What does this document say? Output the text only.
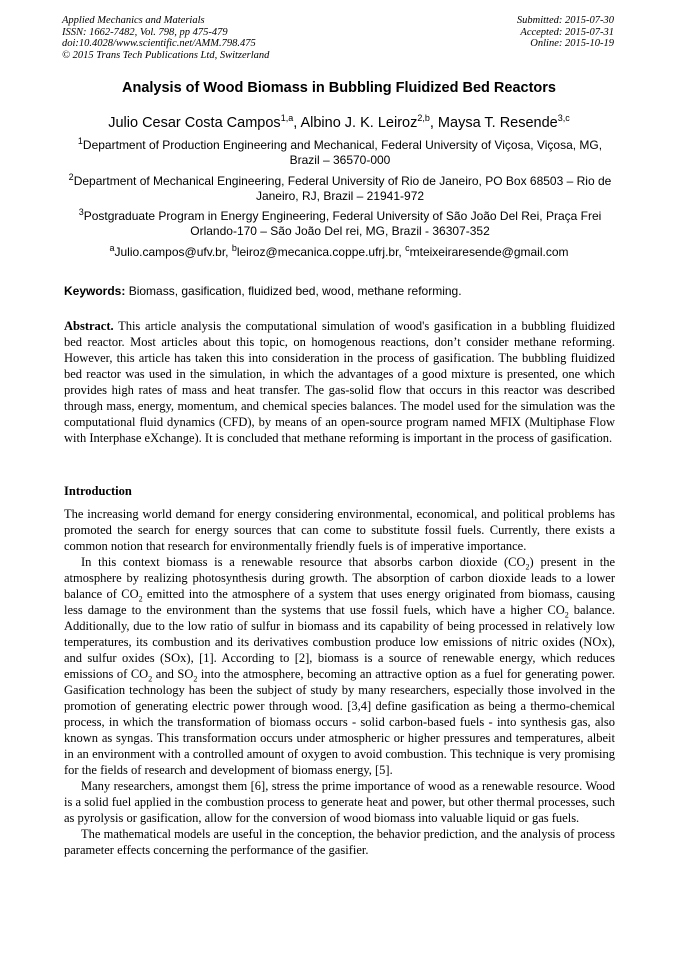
Applied Mechanics and Materials
ISSN: 1662-7482, Vol. 798, pp 475-479
doi:10.4028/www.scientific.net/AMM.798.475
© 2015 Trans Tech Publications Ltd, Switzerland
Submitted: 2015-07-30
Accepted: 2015-07-31
Online: 2015-10-19
Analysis of Wood Biomass in Bubbling Fluidized Bed Reactors
Julio Cesar Costa Campos$^{1,a}$, Albino J. K. Leiroz$^{2,b}$, Maysa T. Resende$^{3,c}$
$^1$Department of Production Engineering and Mechanical, Federal University of Viçosa, Viçosa, MG, Brazil – 36570-000
$^2$Department of Mechanical Engineering, Federal University of Rio de Janeiro, PO Box 68503 – Rio de Janeiro, RJ, Brazil – 21941-972
$^3$Postgraduate Program in Energy Engineering, Federal University of São João Del Rei, Praça Frei Orlando-170 – São João Del rei, MG, Brazil - 36307-352
$^a$Julio.campos@ufv.br, $^b$leiroz@mecanica.coppe.ufrj.br, $^c$mteixeiraresende@gmail.com
Keywords: Biomass, gasification, fluidized bed, wood, methane reforming.
Abstract. This article analysis the computational simulation of wood's gasification in a bubbling fluidized bed reactor. Most articles about this topic, on homogenous reactions, don’t consider methane reforming. However, this article has taken this into consideration in the process of gasification. The bubbling fluidized bed reactor was used in the simulation, in which the advantages of a good mixture is presented, one which provides high rates of mass and heat transfer. The gas-solid flow that occurs in this reactor was described through mass, energy, momentum, and chemical species balances. The model used for the simulation was the computational fluid dynamics (CFD), by means of an open-source program named MFIX (Multiphase Flow with Interphase eXchange). It is concluded that methane reforming is important in the process of gasification.
Introduction

The increasing world demand for energy considering environmental, economical, and political problems has promoted the search for energy sources that can come to substitute fossil fuels. Currently, there exists a common notion that research for environmentally friendly fuels is of imperative importance.

In this context biomass is a renewable resource that absorbs carbon dioxide $(CO_2)$ present in the atmosphere by realizing photosynthesis during growth. The absorption of carbon dioxide leads to a lower balance of $CO_2$ emitted into the atmosphere of a system that uses energy originated from biomass, causing less damage to the environment than the systems that use fossil fuels, which have a higher $CO_2$ balance. Additionally, due to the low ratio of sulfur in biomass and its capability of being processed in relatively low temperatures, its combustion and its derivatives combustion produce low emissions of nitric oxides (NOx), and sulfur oxides (SOx), [1]. According to [2], biomass is a source of renewable energy, which reduces emissions of $CO_2$ and $SO_2$ into the atmosphere, becoming an attractive option as a fuel for generating power. Gasification technology has been the subject of study by many researchers, especially those involved in the promotion of generating electric power through wood. [3,4] define gasification as being a thermo-chemical process, in which the transformation of biomass occurs - solid carbon-based fuels - into synthesis gas, also known as syngas. This transformation occurs under atmospheric or higher pressures and temperatures, albeit in an environment with a controlled amount of oxygen to avoid combustion. This technique is very promising for the fields of research and development of biomass energy, [5].

Many researchers, amongst them [6], stress the prime importance of wood as a renewable resource. Wood is a solid fuel applied in the combustion process to generate heat and power, but other thermal processes, such as pyrolysis or gasification, allow for the conversion of wood biomass into valuable liquid or gas fuels.

The mathematical models are useful in the conception, the behavior prediction, and the analysis of process parameter effects concerning the performance of the gasifier.
